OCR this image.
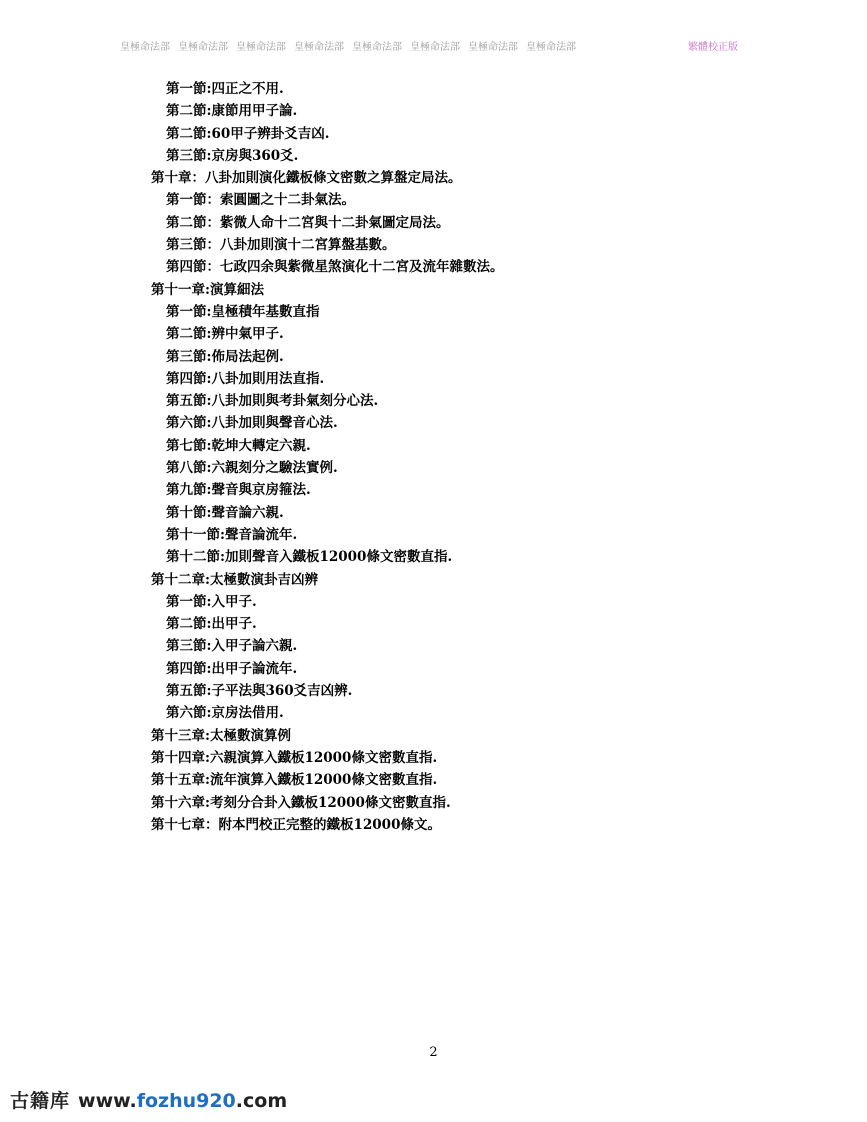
皇極命法部 皇極命法部 皇極命法部 皇極命法部 皇極命法部 皇極命法部 皇極命法部 皇極命法部	繁體校正版
第一節:四正之不用.
第二節:康節用甲子論.
第二節:60甲子辨卦爻吉凶.
第三節:京房與360爻.
第十章：八卦加則演化鐵板條文密數之算盤定局法。
第一節：索圓圖之十二卦氣法。
第二節：紫微人命十二宮與十二卦氣圖定局法。
第三節：八卦加則演十二宮算盤基數。
第四節：七政四余與紫微星煞演化十二宮及流年雜數法。
第十一章:演算細法
第一節:皇極積年基數直指
第二節:辨中氣甲子.
第三節:佈局法起例.
第四節:八卦加則用法直指.
第五節:八卦加則與考卦氣刻分心法.
第六節:八卦加則與聲音心法.
第七節:乾坤大轉定六親.
第八節:六親刻分之驗法實例.
第九節:聲音與京房箍法.
第十節:聲音論六親.
第十一節:聲音論流年.
第十二節:加則聲音入鐵板12000條文密數直指.
第十二章:太極數演卦吉凶辨
第一節:入甲子.
第二節:出甲子.
第三節:入甲子論六親.
第四節:出甲子論流年.
第五節:子平法與360爻吉凶辨.
第六節:京房法借用.
第十三章:太極數演算例
第十四章:六親演算入鐵板12000條文密數直指.
第十五章:流年演算入鐵板12000條文密數直指.
第十六章:考刻分合卦入鐵板12000條文密數直指.
第十七章：附本門校正完整的鐵板12000條文。
2
古籍库 www.fozhu920.com
